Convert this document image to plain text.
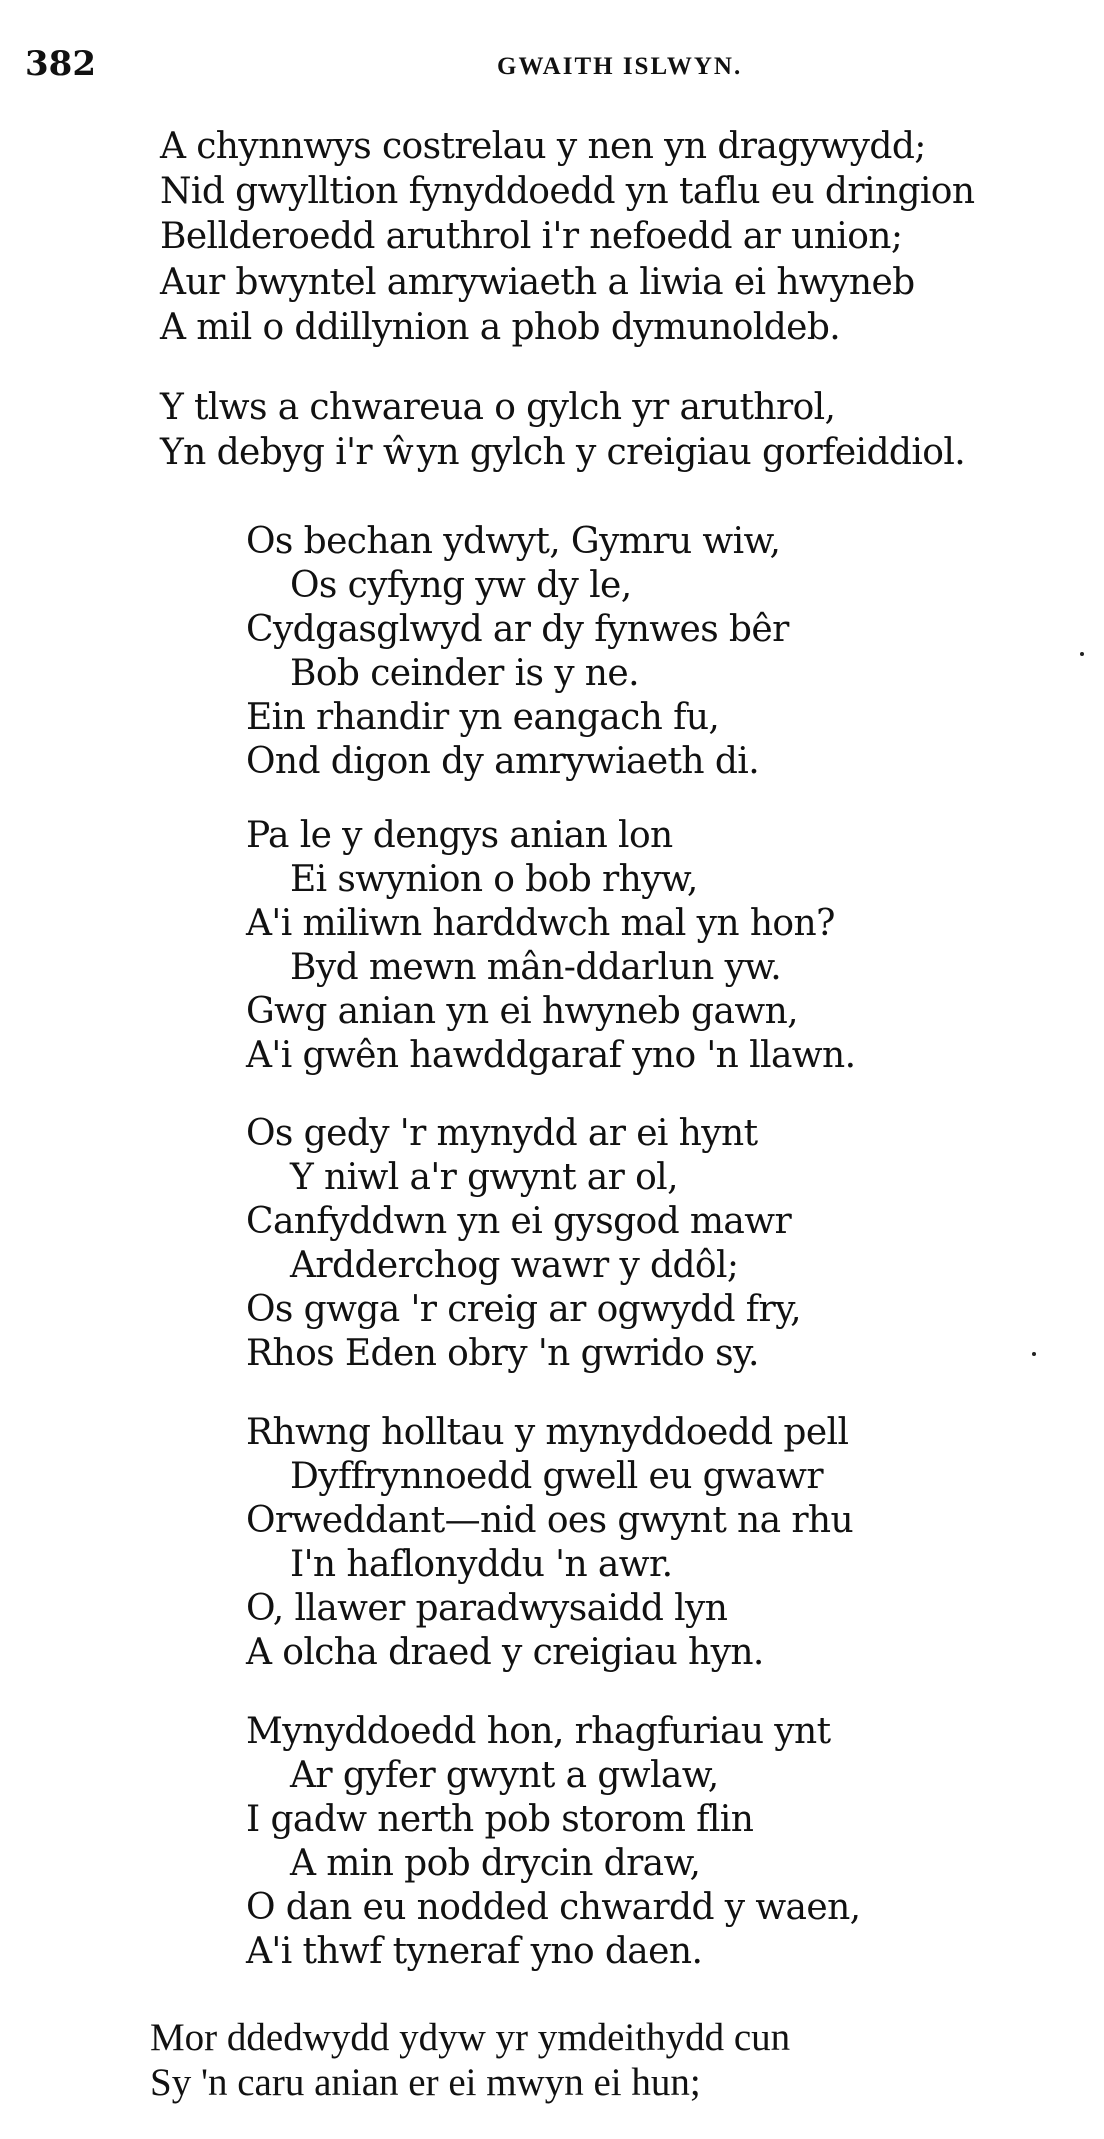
382	GWAITH ISLWYN.
A chynnwys costrelau y nen yn dragywydd;
Nid gwylltion fynyddoedd yn taflu eu dringion
Bellderoedd aruthrol i'r nefoedd ar union;
Aur bwyntel amrywiaeth a liwia ei hwyneb
A mil o ddillynion a phob dymunoldeb.
Y tlws a chwareua o gylch yr aruthrol,
Yn debyg i'r ŵyn gylch y creigiau gorfeiddiol.
Os bechan ydwyt, Gymru wiw,
Os cyfyng yw dy le,
Cydgasglwyd ar dy fynwes bêr
Bob ceinder is y ne.
Ein rhandir yn eangach fu,
Ond digon dy amrywiaeth di.
Pa le y dengys anian lon
Ei swynion o bob rhyw,
A'i miliwn harddwch mal yn hon?
Byd mewn mân-ddarlun yw.
Gwg anian yn ei hwyneb gawn,
A'i gwên hawddgaraf yno 'n llawn.
Os gedy 'r mynydd ar ei hynt
Y niwl a'r gwynt ar ol,
Canfyddwn yn ei gysgod mawr
Ardderchog wawr y ddôl;
Os gwga 'r creig ar ogwydd fry,
Rhos Eden obry 'n gwrido sy.
Rhwng holltau y mynyddoedd pell
Dyffrynnoedd gwell eu gwawr
Orweddant—nid oes gwynt na rhu
I'n haflonyddu 'n awr.
O, llawer paradwysaidd lyn
A olcha draed y creigiau hyn.
Mynyddoedd hon, rhagfuriau ynt
Ar gyfer gwynt a gwlaw,
I gadw nerth pob storom flin
A min pob drycin draw,
O dan eu nodded chwardd y waen,
A'i thwf tyneraf yno daen.
Mor ddedwydd ydyw yr ymdeithydd cun
Sy 'n caru anian er ei mwyn ei hun;
